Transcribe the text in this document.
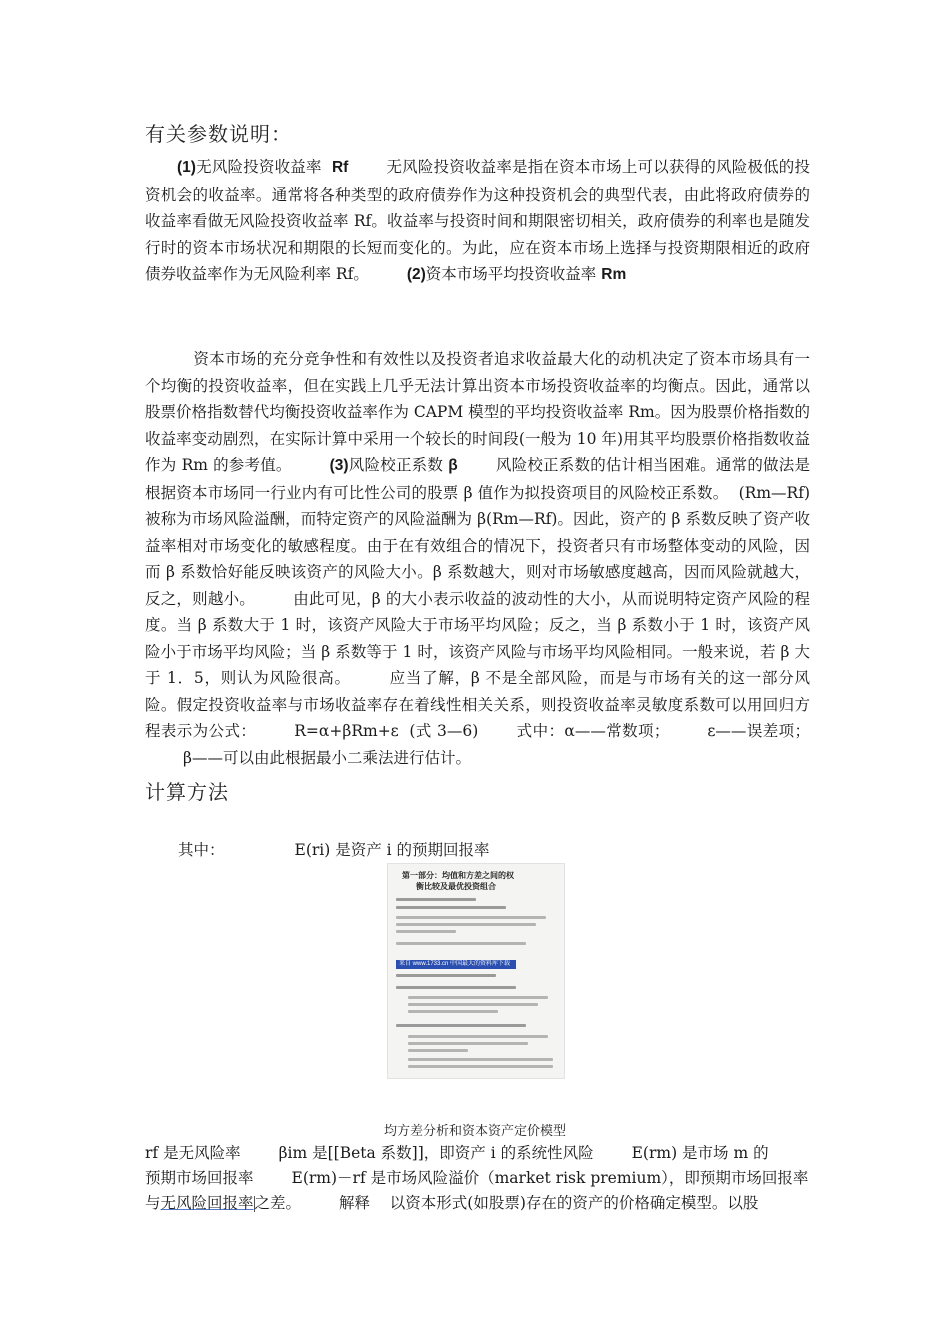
有关参数说明：
(1)无风险投资收益率 Rf 无风险投资收益率是指在资本市场上可以获得的风险极低的投资机会的收益率。通常将各种类型的政府债券作为这种投资机会的典型代表，由此将政府债券的收益率看做无风险投资收益率 Rf。收益率与投资时间和期限密切相关，政府债券的利率也是随发行时的资本市场状况和期限的长短而变化的。为此，应在资本市场上选择与投资期限相近的政府债券收益率作为无风险利率 Rf。 (2)资本市场平均投资收益率 Rm
资本市场的充分竞争性和有效性以及投资者追求收益最大化的动机决定了资本市场具有一个均衡的投资收益率，但在实践上几乎无法计算出资本市场投资收益率的均衡点。因此，通常以股票价格指数替代均衡投资收益率作为 CAPM 模型的平均投资收益率 Rm。因为股票价格指数的收益率变动剧烈，在实际计算中采用一个较长的时间段(一般为 10 年)用其平均股票价格指数收益作为 Rm 的参考值。 (3)风险校正系数 β 风险校正系数的估计相当困难。通常的做法是根据资本市场同一行业内有可比性公司的股票 β 值作为拟投资项目的风险校正系数。 (Rm—Rf)被称为市场风险溢酬，而特定资产的风险溢酬为 β(Rm—Rf)。因此，资产的 β 系数反映了资产收益率相对市场变化的敏感程度。由于在有效组合的情况下，投资者只有市场整体变动的风险，因而 β 系数恰好能反映该资产的风险大小。β 系数越大，则对市场敏感度越高，因而风险就越大，反之，则越小。 由此可见，β 的大小表示收益的波动性的大小，从而说明特定资产风险的程度。当 β 系数大于 1 时，该资产风险大于市场平均风险；反之，当 β 系数小于 1 时，该资产风险小于市场平均风险；当 β 系数等于 1 时，该资产风险与市场平均风险相同。一般来说，若 β 大于 1．5，则认为风险很高。 应当了解，β 不是全部风险，而是与市场有关的这一部分风险。假定投资收益率与市场收益率存在着线性相关关系，则投资收益率灵敏度系数可以用回归方程表示为公式： R=α+βRm+ε (式 3—6) 式中：α——常数项； ε——误差项；β——可以由此根据最小二乘法进行估计。
计算方法
其中：	E(ri) 是资产 i 的预期回报率
第一部分：均值和方差之间的权
衡比较及最优投资组合
来自 www.1733.cn 中国最大的资料库下载
均方差分析和资本资产定价模型
rf 是无风险率 βim 是[[Beta 系数]]，即资产 i 的系统性风险 E(rm) 是市场 m 的
预期市场回报率 E(rm)－rf 是市场风险溢价（market risk premium），即预期市场回报率
与无风险回报率之差。 解释 以资本形式(如股票)存在的资产的价格确定模型。以股
